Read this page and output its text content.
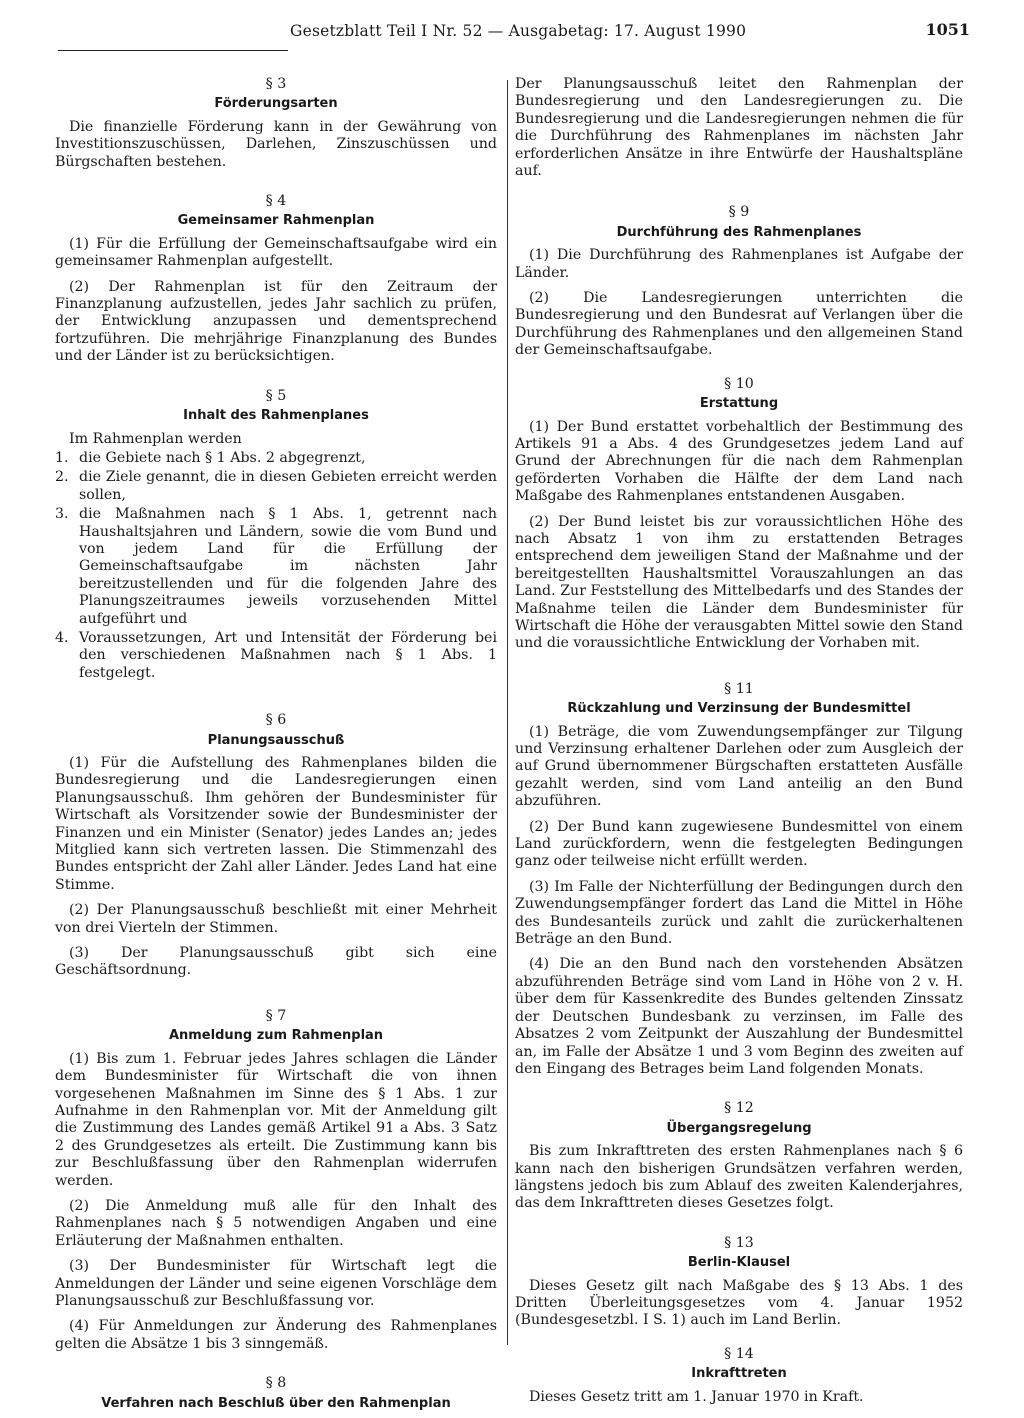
Gesetzblatt Teil I Nr. 52 — Ausgabetag: 17. August 1990	1051

§ 3

Förderungsarten

Die finanzielle Förderung kann in der Gewährung von Investitionszuschüssen, Darlehen, Zinszuschüssen und Bürgschaften bestehen.

§ 4

Gemeinsamer Rahmenplan

(1) Für die Erfüllung der Gemeinschaftsaufgabe wird ein gemeinsamer Rahmenplan aufgestellt.

(2) Der Rahmenplan ist für den Zeitraum der Finanzplanung aufzustellen, jedes Jahr sachlich zu prüfen, der Entwicklung anzupassen und dementsprechend fortzuführen. Die mehrjährige Finanzplanung des Bundes und der Länder ist zu berücksichtigen.

§ 5

Inhalt des Rahmenplanes

Im Rahmenplan werden

1. die Gebiete nach § 1 Abs. 2 abgegrenzt,
2. die Ziele genannt, die in diesen Gebieten erreicht werden sollen,
3. die Maßnahmen nach § 1 Abs. 1, getrennt nach Haushaltsjahren und Ländern, sowie die vom Bund und von jedem Land für die Erfüllung der Gemeinschaftsaufgabe im nächsten Jahr bereitzustellenden und für die folgenden Jahre des Planungszeitraumes jeweils vorzusehenden Mittel aufgeführt und
4. Voraussetzungen, Art und Intensität der Förderung bei den verschiedenen Maßnahmen nach § 1 Abs. 1 festgelegt.

§ 6

Planungsausschuß

(1) Für die Aufstellung des Rahmenplanes bilden die Bundesregierung und die Landesregierungen einen Planungsausschuß. Ihm gehören der Bundesminister für Wirtschaft als Vorsitzender sowie der Bundesminister der Finanzen und ein Minister (Senator) jedes Landes an; jedes Mitglied kann sich vertreten lassen. Die Stimmenzahl des Bundes entspricht der Zahl aller Länder. Jedes Land hat eine Stimme.

(2) Der Planungsausschuß beschließt mit einer Mehrheit von drei Vierteln der Stimmen.

(3) Der Planungsausschuß gibt sich eine Geschäftsordnung.

§ 7

Anmeldung zum Rahmenplan

(1) Bis zum 1. Februar jedes Jahres schlagen die Länder dem Bundesminister für Wirtschaft die von ihnen vorgesehenen Maßnahmen im Sinne des § 1 Abs. 1 zur Aufnahme in den Rahmenplan vor. Mit der Anmeldung gilt die Zustimmung des Landes gemäß Artikel 91 a Abs. 3 Satz 2 des Grundgesetzes als erteilt. Die Zustimmung kann bis zur Beschlußfassung über den Rahmenplan widerrufen werden.

(2) Die Anmeldung muß alle für den Inhalt des Rahmenplanes nach § 5 notwendigen Angaben und eine Erläuterung der Maßnahmen enthalten.

(3) Der Bundesminister für Wirtschaft legt die Anmeldungen der Länder und seine eigenen Vorschläge dem Planungsausschuß zur Beschlußfassung vor.

(4) Für Anmeldungen zur Änderung des Rahmenplanes gelten die Absätze 1 bis 3 sinngemäß.

§ 8

Verfahren nach Beschluß über den Rahmenplan

Der Planungsausschuß leitet den Rahmenplan der Bundesregierung und den Landesregierungen zu. Die Bundesregierung und die Landesregierungen nehmen die für die Durchführung des Rahmenplanes im nächsten Jahr erforderlichen Ansätze in ihre Entwürfe der Haushaltspläne auf.

§ 9

Durchführung des Rahmenplanes

(1) Die Durchführung des Rahmenplanes ist Aufgabe der Länder.

(2) Die Landesregierungen unterrichten die Bundesregierung und den Bundesrat auf Verlangen über die Durchführung des Rahmenplanes und den allgemeinen Stand der Gemeinschaftsaufgabe.

§ 10

Erstattung

(1) Der Bund erstattet vorbehaltlich der Bestimmung des Artikels 91 a Abs. 4 des Grundgesetzes jedem Land auf Grund der Abrechnungen für die nach dem Rahmenplan geförderten Vorhaben die Hälfte der dem Land nach Maßgabe des Rahmenplanes entstandenen Ausgaben.

(2) Der Bund leistet bis zur voraussichtlichen Höhe des nach Absatz 1 von ihm zu erstattenden Betrages entsprechend dem jeweiligen Stand der Maßnahme und der bereitgestellten Haushaltsmittel Vorauszahlungen an das Land. Zur Feststellung des Mittelbedarfs und des Standes der Maßnahme teilen die Länder dem Bundesminister für Wirtschaft die Höhe der verausgabten Mittel sowie den Stand und die voraussichtliche Entwicklung der Vorhaben mit.

§ 11

Rückzahlung und Verzinsung der Bundesmittel

(1) Beträge, die vom Zuwendungsempfänger zur Tilgung und Verzinsung erhaltener Darlehen oder zum Ausgleich der auf Grund übernommener Bürgschaften erstatteten Ausfälle gezahlt werden, sind vom Land anteilig an den Bund abzuführen.

(2) Der Bund kann zugewiesene Bundesmittel von einem Land zurückfordern, wenn die festgelegten Bedingungen ganz oder teilweise nicht erfüllt werden.

(3) Im Falle der Nichterfüllung der Bedingungen durch den Zuwendungsempfänger fordert das Land die Mittel in Höhe des Bundesanteils zurück und zahlt die zurückerhaltenen Beträge an den Bund.

(4) Die an den Bund nach den vorstehenden Absätzen abzuführenden Beträge sind vom Land in Höhe von 2 v. H. über dem für Kassenkredite des Bundes geltenden Zinssatz der Deutschen Bundesbank zu verzinsen, im Falle des Absatzes 2 vom Zeitpunkt der Auszahlung der Bundesmittel an, im Falle der Absätze 1 und 3 vom Beginn des zweiten auf den Eingang des Betrages beim Land folgenden Monats.

§ 12

Übergangsregelung

Bis zum Inkrafttreten des ersten Rahmenplanes nach § 6 kann nach den bisherigen Grundsätzen verfahren werden, längstens jedoch bis zum Ablauf des zweiten Kalenderjahres, das dem Inkrafttreten dieses Gesetzes folgt.

§ 13

Berlin-Klausel

Dieses Gesetz gilt nach Maßgabe des § 13 Abs. 1 des Dritten Überleitungsgesetzes vom 4. Januar 1952 (Bundesgesetzbl. I S. 1) auch im Land Berlin.

§ 14

Inkrafttreten

Dieses Gesetz tritt am 1. Januar 1970 in Kraft.
